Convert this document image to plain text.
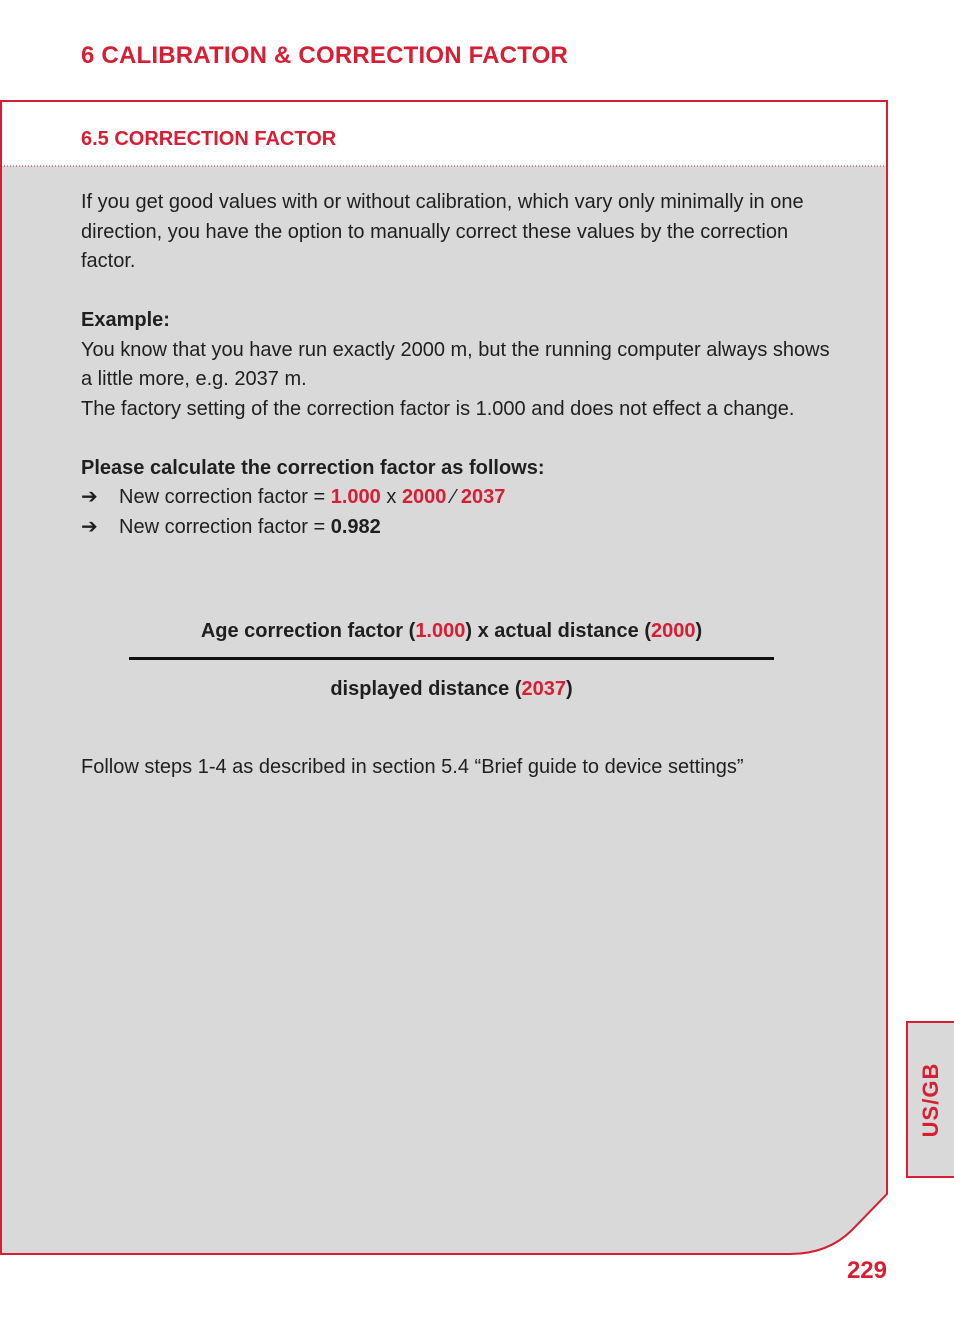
6 CALIBRATION & CORRECTION FACTOR
6.5 CORRECTION FACTOR

If you get good values with or without calibration, which vary only minimally in one direction, you have the option to manually correct these values by the correction factor.

Example:

You know that you have run exactly 2000 m, but the running computer always shows a little more, e.g. 2037 m.

The factory setting of the correction factor is 1.000 and does not effect a change.

Please calculate the correction factor as follows:

➔	New correction factor = 1.000 x 2000 ⁄ 2037
➔	New correction factor = 0.982
Age correction factor (1.000) x actual distance (2000)
displayed distance (2037)

Follow steps 1-4 as described in section 5.4 “Brief guide to device settings”

US/GB
229
